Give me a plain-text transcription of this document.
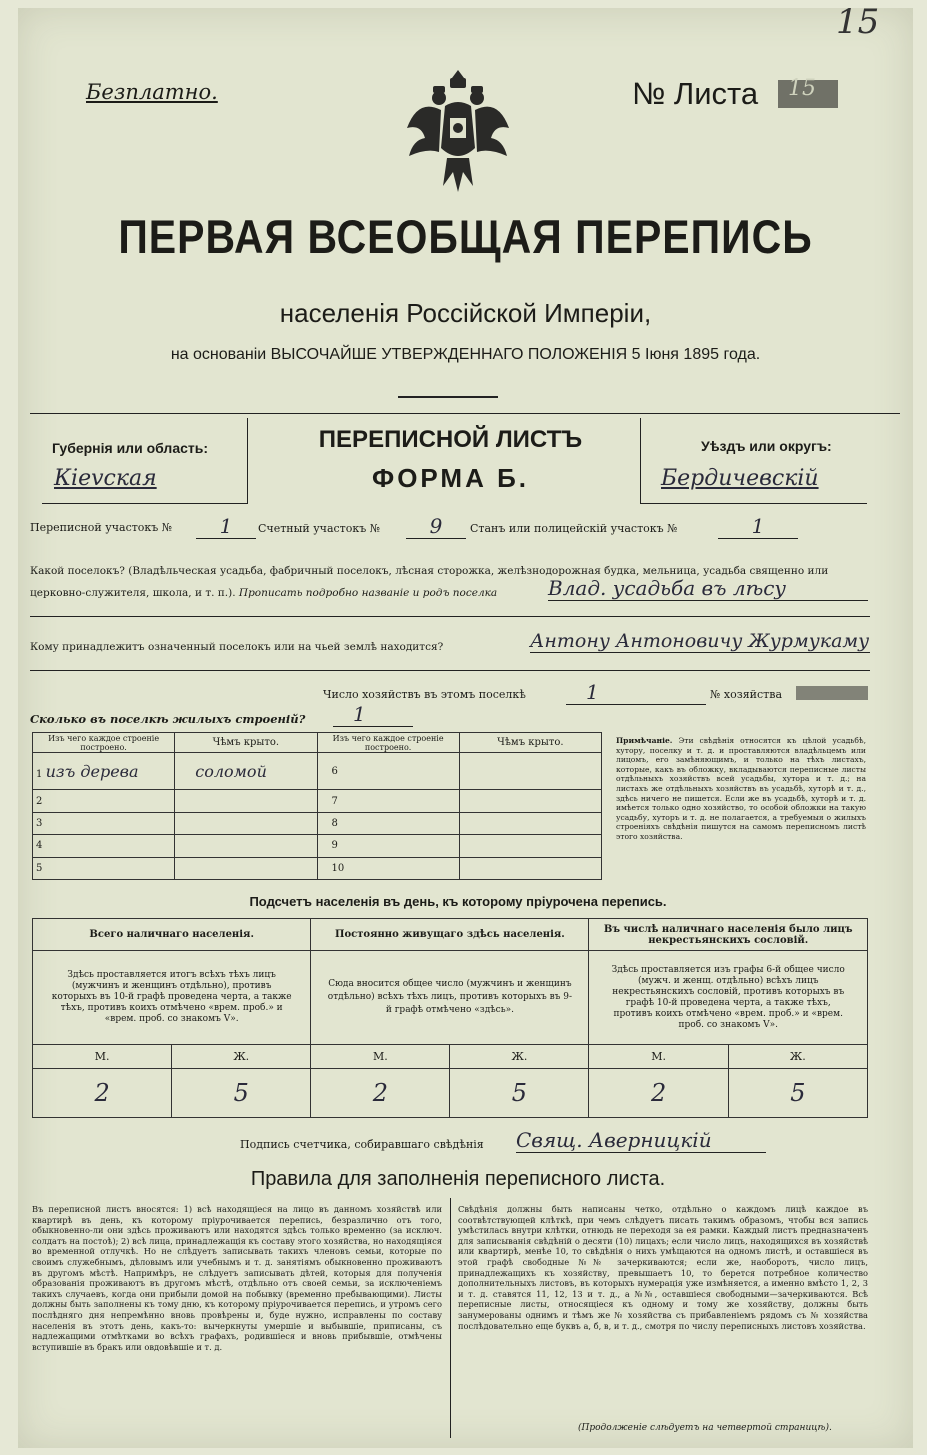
15
Безплатно.	№ Листа 15
ПЕРВАЯ ВСЕОБЩАЯ ПЕРЕПИСЬ
населенія Россійской Имперіи,
на основаніи ВЫСОЧАЙШЕ УТВЕРЖДЕННАГО ПОЛОЖЕНІЯ 5 Іюня 1895 года.
Губернія или область:
Кievская
ПЕРЕПИСНОЙ ЛИСТЪ
ФОРМА Б.
Уѣздъ или округъ:
Бердичевскій
Переписной участокъ №	1	Счетный участокъ №	9	Станъ или полицейскій участокъ №	1
Какой поселокъ? (Владѣльческая усадьба, фабричный поселокъ, лѣсная сторожка, желѣзнодорожная будка, мельница, усадьба священно или церковно-служителя, школа, и т. п.). Прописать подробно названіе и родъ поселка	Влад. усадьба въ лѣсу
Кому принадлежитъ означенный поселокъ или на чьей землѣ находится?	Антону Антоновичу Журмукаму
Число хозяйствъ въ этомъ поселкѣ	1	№ хозяйства
Сколько въ поселкѣ жилыхъ строеній?	1
Изъ чего каждое строеніе построено.	Чѣмъ крыто.	Изъ чего каждое строеніе построено.	Чѣмъ крыто.
1 изъ дерева	соломой	6	
2		7	
3		8	
4		9	
5		10	
Примѣчаніе. Эти свѣдѣнія относятся къ цѣлой усадьбѣ, хутору, поселку и т. д. и проставляются владѣльцемъ или лицомъ, его замѣняющимъ, и только на тѣхъ листахъ, которые, какъ въ обложку, вкладываются переписные листы отдѣльныхъ хозяйствъ всей усадьбы, хутора и т. д.; на листахъ же отдѣльныхъ хозяйствъ въ усадьбѣ, хуторѣ и т. д., здѣсь ничего не пишется. Если же въ усадьбѣ, хуторѣ и т. д. имѣется только одно хозяйство, то особой обложки на такую усадьбу, хуторъ и т. д. не полагается, а требуемыя о жилыхъ строеніяхъ свѣдѣнія пишутся на самомъ переписномъ листѣ этого хозяйства.
Подсчетъ населенія въ день, къ которому пріурочена перепись.
Всего наличнаго населенія.		Постоянно живущаго здѣсь населенія.		Въ числѣ наличнаго населенія было лицъ некрестьянскихъ сословій.	
Здѣсь проставляется итогъ всѣхъ тѣхъ лицъ (мужчинъ и женщинъ отдѣльно), противъ которыхъ въ 10-й графѣ проведена черта, а также тѣхъ, противъ коихъ отмѣчено «врем. проб.» и «врем. проб. со знакомъ V».		Сюда вносится общее число (мужчинъ и женщинъ отдѣльно) всѣхъ тѣхъ лицъ, противъ которыхъ въ 9-й графѣ отмѣчено «здѣсь».		Здѣсь проставляется изъ графы 6-й общее число (мужч. и женщ. отдѣльно) всѣхъ лицъ некрестьянскихъ сословій, противъ которыхъ въ графѣ 10-й проведена черта, а также тѣхъ, противъ коихъ отмѣчено «врем. проб.» и «врем. проб. со знакомъ V».	
М.	Ж.	М.	Ж.	М.	Ж.
2	5	2	5	2	5
Подпись счетчика, собиравшаго свѣдѣнія Свящ. Аверницкій
Правила для заполненія переписного листа.
Въ переписной листъ вносятся: 1) всѣ находящіеся на лицо въ данномъ хозяйствѣ или квартирѣ въ день, къ которому пріурочивается перепись, безразлично отъ того, обыкновенно-ли они здѣсь проживаютъ или находятся здѣсь только временно (за исключ. солдатъ на постоѣ); 2) всѣ лица, принадлежащія къ составу этого хозяйства, но находящіяся во временной отлучкѣ. Но не слѣдуетъ записывать такихъ членовъ семьи, которые по своимъ служебнымъ, дѣловымъ или учебнымъ и т. д. занятіямъ обыкновенно проживаютъ въ другомъ мѣстѣ. Напримѣръ, не слѣдуетъ записывать дѣтей, которыя для полученія образованія проживаютъ въ другомъ мѣстѣ, отдѣльно отъ своей семьи, за исключеніемъ такихъ случаевъ, когда они прибыли домой на побывку (временно пребывающими). Листы должны быть заполнены къ тому дню, къ которому пріурочивается перепись, и утромъ сего послѣдняго дня непремѣнно вновь провѣрены и, буде нужно, исправлены по составу населенія въ этотъ день, какъ-то: вычеркнуты умершіе и выбывшіе, приписаны, съ надлежащими отмѣтками во всѣхъ графахъ, родившіеся и вновь прибывшіе, отмѣчены вступившіе въ бракъ или овдовѣвшіе и т. д.
Свѣдѣнія должны быть написаны четко, отдѣльно о каждомъ лицѣ каждое въ соотвѣтствующей клѣткѣ, при чемъ слѣдуетъ писать такимъ образомъ, чтобы вся запись умѣстилась внутри клѣтки, отнюдь не переходя за ея рамки. Каждый листъ предназначенъ для записыванія свѣдѣній о десяти (10) лицахъ; если число лицъ, находящихся въ хозяйствѣ или квартирѣ, менѣе 10, то свѣдѣнія о нихъ умѣщаются на одномъ листѣ, и оставшіеся въ этой графѣ свободные №№ зачеркиваются; если же, наоборотъ, число лицъ, принадлежащихъ къ хозяйству, превышаетъ 10, то берется потребное количество дополнительныхъ листовъ, въ которыхъ нумерація уже измѣняется, а именно вмѣсто 1, 2, 3 и т. д. ставятся 11, 12, 13 и т. д., а №№, оставшіеся свободными—зачеркиваются. Всѣ переписные листы, относящіеся къ одному и тому же хозяйству, должны быть занумерованы однимъ и тѣмъ же № хозяйства съ прибавленіемъ рядомъ съ № хозяйства послѣдовательно еще буквъ а, б, в, и т. д., смотря по числу переписныхъ листовъ хозяйства.
(Продолженіе слѣдуетъ на четвертой страницѣ).
